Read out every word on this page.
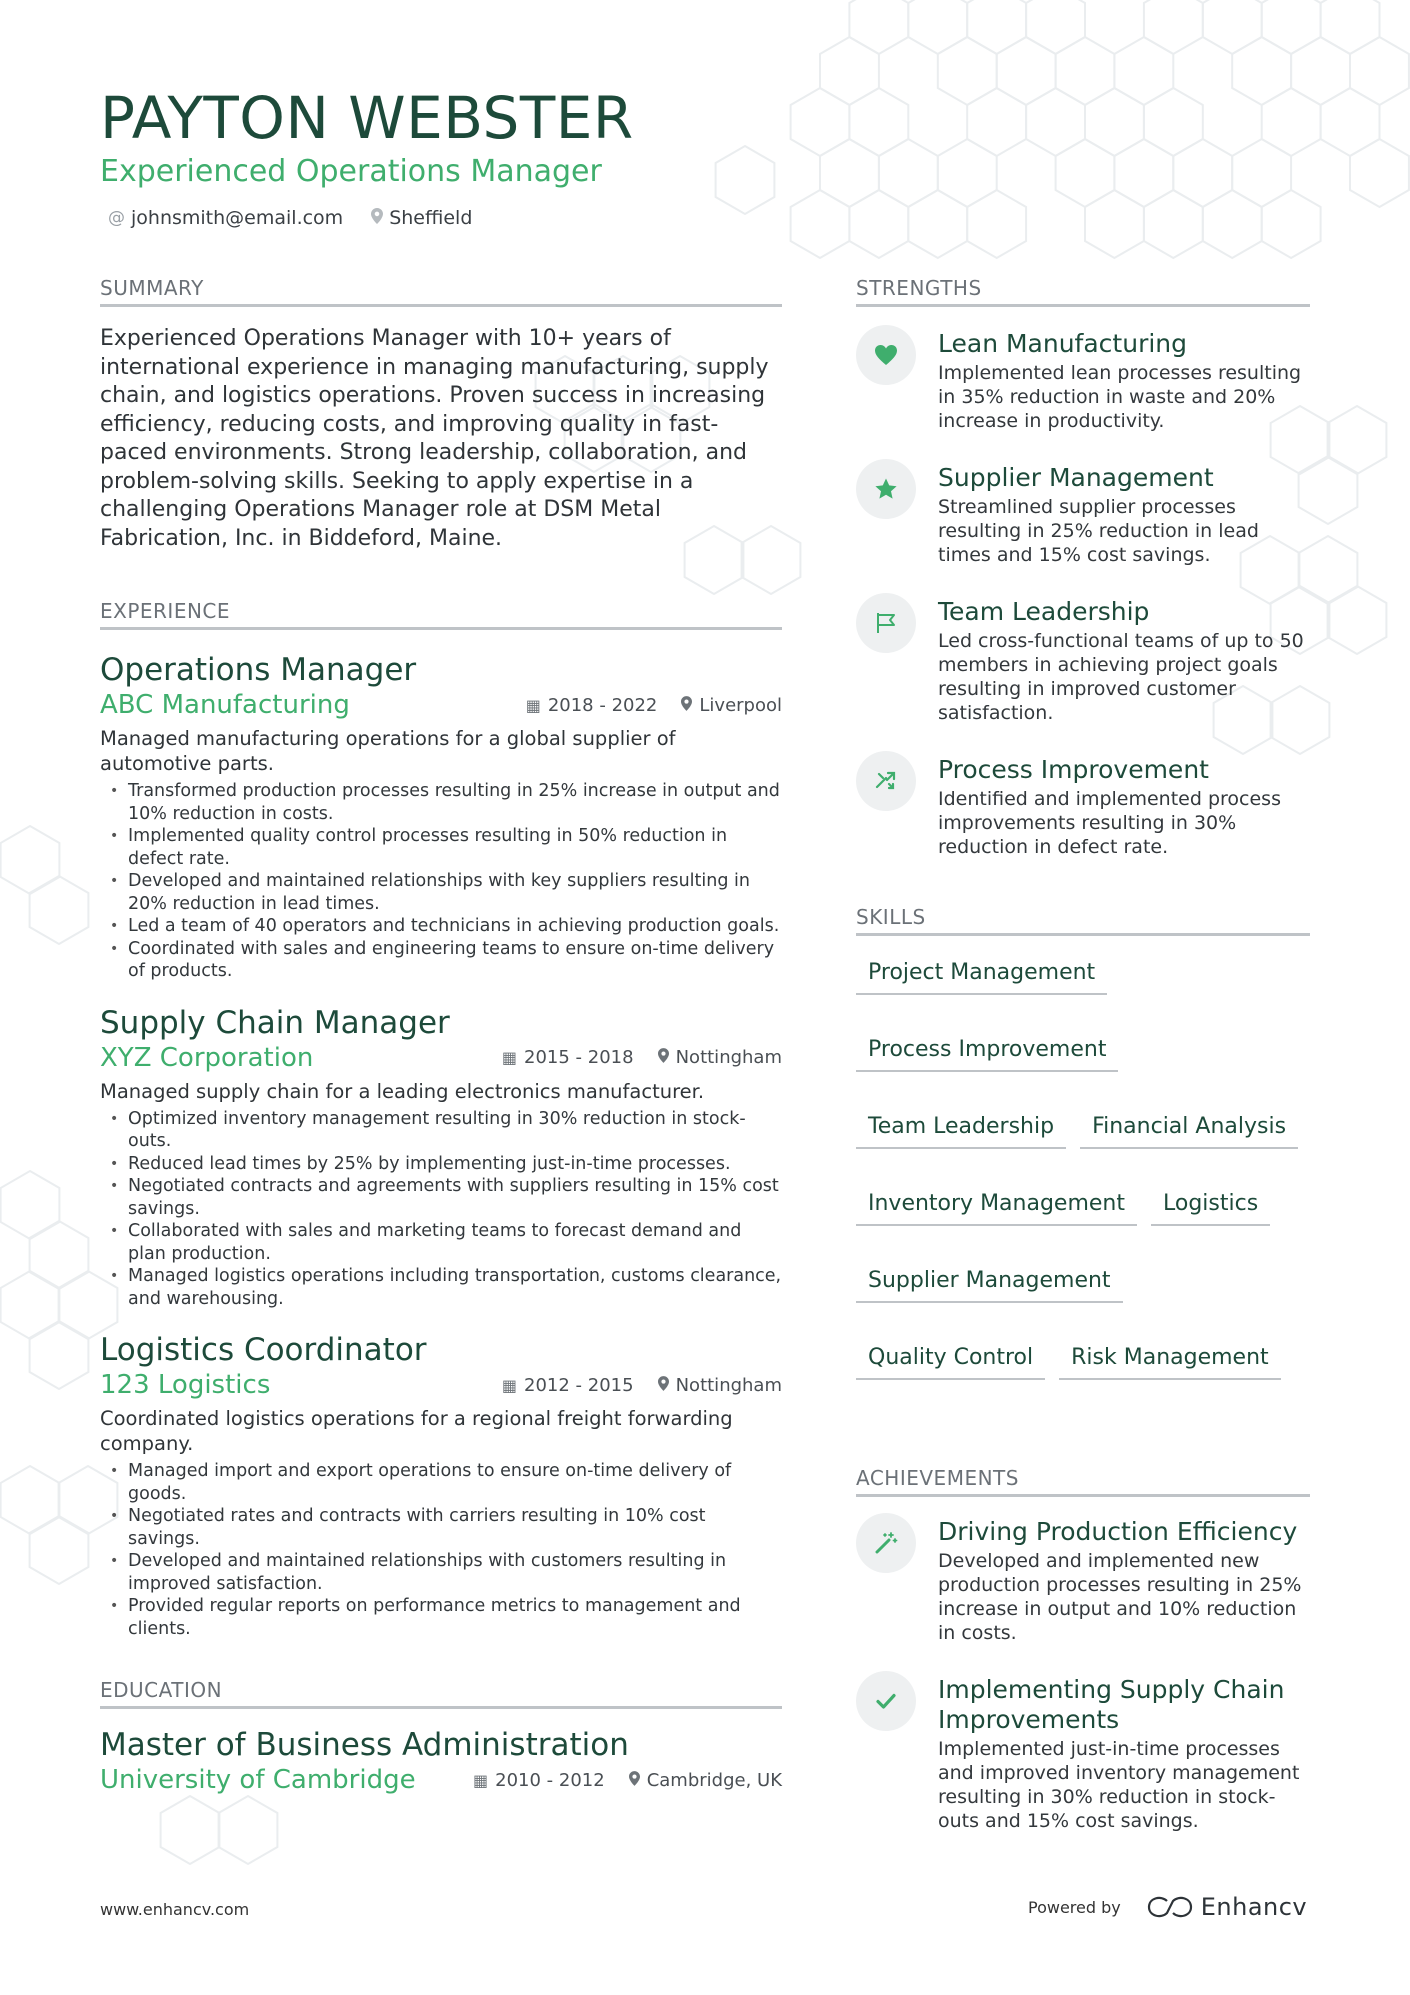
PAYTON WEBSTER
Experienced Operations Manager
@ johnsmith@email.com Sheffield
SUMMARY
Experienced Operations Manager with 10+ years of international experience in managing manufacturing, supply chain, and logistics operations. Proven success in increasing efficiency, reducing costs, and improving quality in fast-paced environments. Strong leadership, collaboration, and problem-solving skills. Seeking to apply expertise in a challenging Operations Manager role at DSM Metal Fabrication, Inc. in Biddeford, Maine.
EXPERIENCE
Operations Manager
ABC Manufacturing	▦ 2018 - 2022 Liverpool
Managed manufacturing operations for a global supplier of automotive parts.
• Transformed production processes resulting in 25% increase in output and 10% reduction in costs.
• Implemented quality control processes resulting in 50% reduction in defect rate.
• Developed and maintained relationships with key suppliers resulting in 20% reduction in lead times.
• Led a team of 40 operators and technicians in achieving production goals.
• Coordinated with sales and engineering teams to ensure on-time delivery of products.
Supply Chain Manager
XYZ Corporation	▦ 2015 - 2018 Nottingham
Managed supply chain for a leading electronics manufacturer.
• Optimized inventory management resulting in 30% reduction in stock-outs.
• Reduced lead times by 25% by implementing just-in-time processes.
• Negotiated contracts and agreements with suppliers resulting in 15% cost savings.
• Collaborated with sales and marketing teams to forecast demand and plan production.
• Managed logistics operations including transportation, customs clearance, and warehousing.
Logistics Coordinator
123 Logistics	▦ 2012 - 2015 Nottingham
Coordinated logistics operations for a regional freight forwarding company.
• Managed import and export operations to ensure on-time delivery of goods.
• Negotiated rates and contracts with carriers resulting in 10% cost savings.
• Developed and maintained relationships with customers resulting in improved satisfaction.
• Provided regular reports on performance metrics to management and clients.
EDUCATION
Master of Business Administration
University of Cambridge	▦ 2010 - 2012 Cambridge, UK
STRENGTHS
Lean Manufacturing
Implemented lean processes resulting in 35% reduction in waste and 20% increase in productivity.
Supplier Management
Streamlined supplier processes resulting in 25% reduction in lead times and 15% cost savings.
Team Leadership
Led cross-functional teams of up to 50 members in achieving project goals resulting in improved customer satisfaction.
Process Improvement
Identified and implemented process improvements resulting in 30% reduction in defect rate.
SKILLS
Project Management
Process Improvement
Team Leadership	Financial Analysis
Inventory Management	Logistics
Supplier Management
Quality Control	Risk Management
ACHIEVEMENTS
Driving Production Efficiency
Developed and implemented new production processes resulting in 25% increase in output and 10% reduction in costs.
Implementing Supply Chain Improvements
Implemented just-in-time processes and improved inventory management resulting in 30% reduction in stock-outs and 15% cost savings.
www.enhancv.com	Powered by	Enhancv
